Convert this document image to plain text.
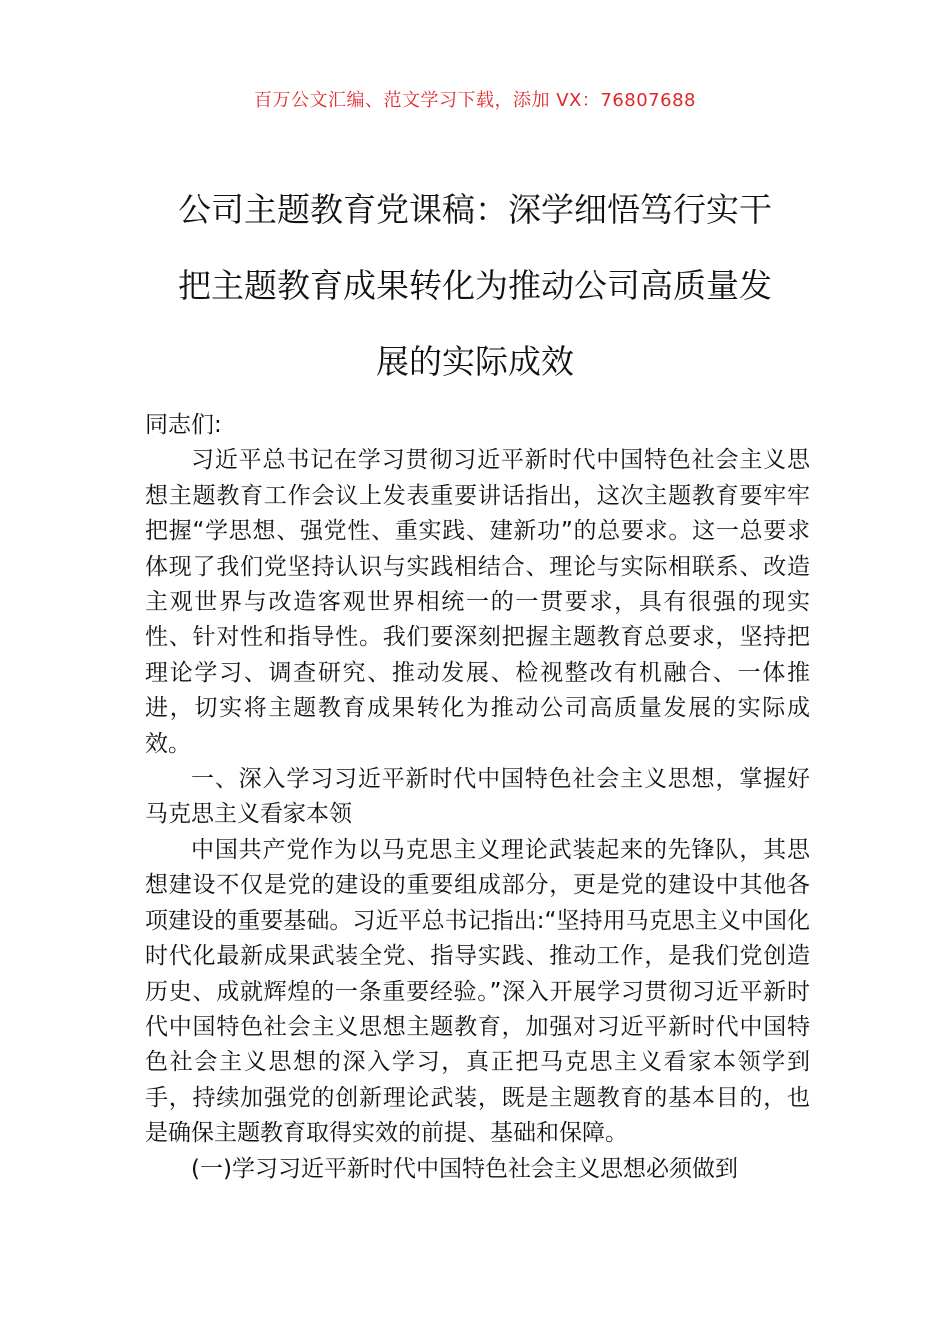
百万公文汇编、范文学习下载，添加 VX：76807688
公司主题教育党课稿：深学细悟笃行实干
把主题教育成果转化为推动公司高质量发
展的实际成效

同志们:

习近平总书记在学习贯彻习近平新时代中国特色社会主义思想主题教育工作会议上发表重要讲话指出，这次主题教育要牢牢把握“学思想、强党性、重实践、建新功”的总要求。这一总要求体现了我们党坚持认识与实践相结合、理论与实际相联系、改造主观世界与改造客观世界相统一的一贯要求，具有很强的现实性、针对性和指导性。我们要深刻把握主题教育总要求，坚持把理论学习、调查研究、推动发展、检视整改有机融合、一体推进，切实将主题教育成果转化为推动公司高质量发展的实际成效。

一、深入学习习近平新时代中国特色社会主义思想，掌握好马克思主义看家本领

中国共产党作为以马克思主义理论武装起来的先锋队，其思想建设不仅是党的建设的重要组成部分，更是党的建设中其他各项建设的重要基础。习近平总书记指出:“坚持用马克思主义中国化时代化最新成果武装全党、指导实践、推动工作，是我们党创造历史、成就辉煌的一条重要经验。”深入开展学习贯彻习近平新时代中国特色社会主义思想主题教育，加强对习近平新时代中国特色社会主义思想的深入学习，真正把马克思主义看家本领学到手，持续加强党的创新理论武装，既是主题教育的基本目的，也是确保主题教育取得实效的前提、基础和保障。

(一)学习习近平新时代中国特色社会主义思想必须做到
